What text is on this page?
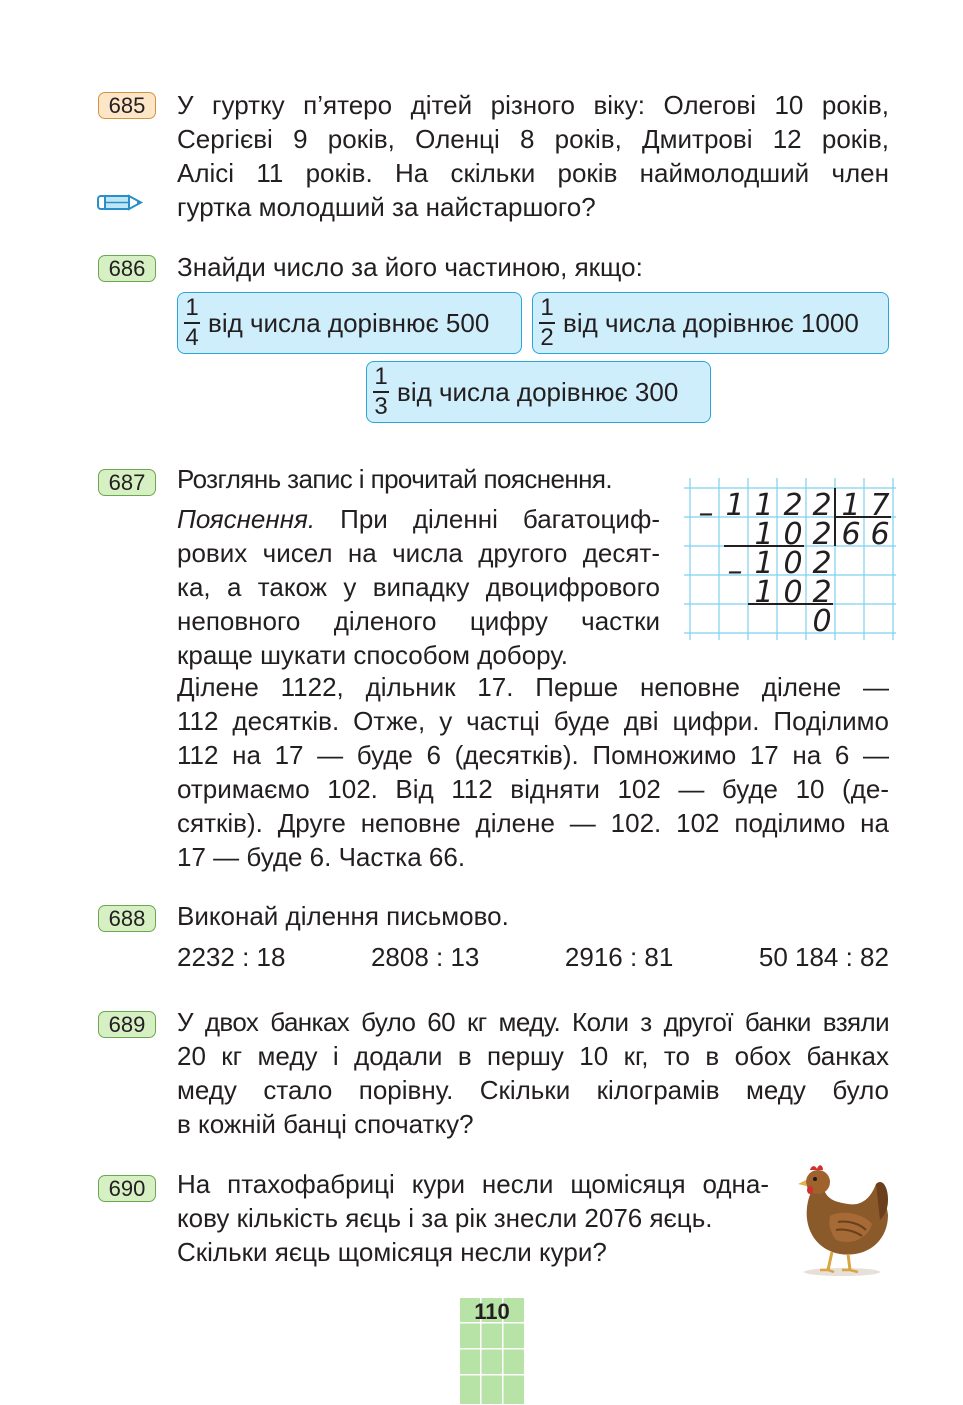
685	У гуртку п’ятеро дітей різного віку: Олегові 10 років,
Сергієві 9 років, Оленці 8 років, Дмитрові 12 років,
Алісі 11 років. На скільки років наймолодший член
гуртка молодший за найстаршого?
686	Знайди число за його частиною, якщо:
$\frac{1}{4}$ від числа дорівнює $500 \frac{1}{2}$ від числа дорівнює 1000
$\frac{1}{3}$ від числа дорівнює 300
687	Розглянь запис і прочитай пояснення.
Пояснення. При діленні багатоциф-
рових чисел на числа другого десят-
ка, а також у випадку двоцифрового
неповного діленого цифру частки
краще шукати способом добору.
Ділене 1122, дільник 17. Перше неповне ділене —
112 десятків. Отже, у частці буде дві цифри. Поділимо
112 на 17 — буде 6 (десятків). Помножимо 17 на 6 —
отримаємо 102. Від 112 відняти 102 — буде 10 (де-
сятків). Друге неповне ділене — 102. 102 поділимо на
17 — буде 6. Частка 66.
– 1 1 2 2 1 7
1 0 2 6 6
– 1 0 2
1 0 2
0
688	Виконай ділення письмово.
2232 : 18	2808 : 13	2916 : 81	50 184 : 82
689	У двох банках було 60 кг меду. Коли з другої банки взяли
20 кг меду і додали в першу 10 кг, то в обох банках
меду стало порівну. Скільки кілограмів меду було
в кожній банці спочатку?
690	На птахофабриці кури несли щомісяця одна-
кову кількість яєць і за рік знесли 2076 яєць.
Скільки яєць щомісяця несли кури?
110
